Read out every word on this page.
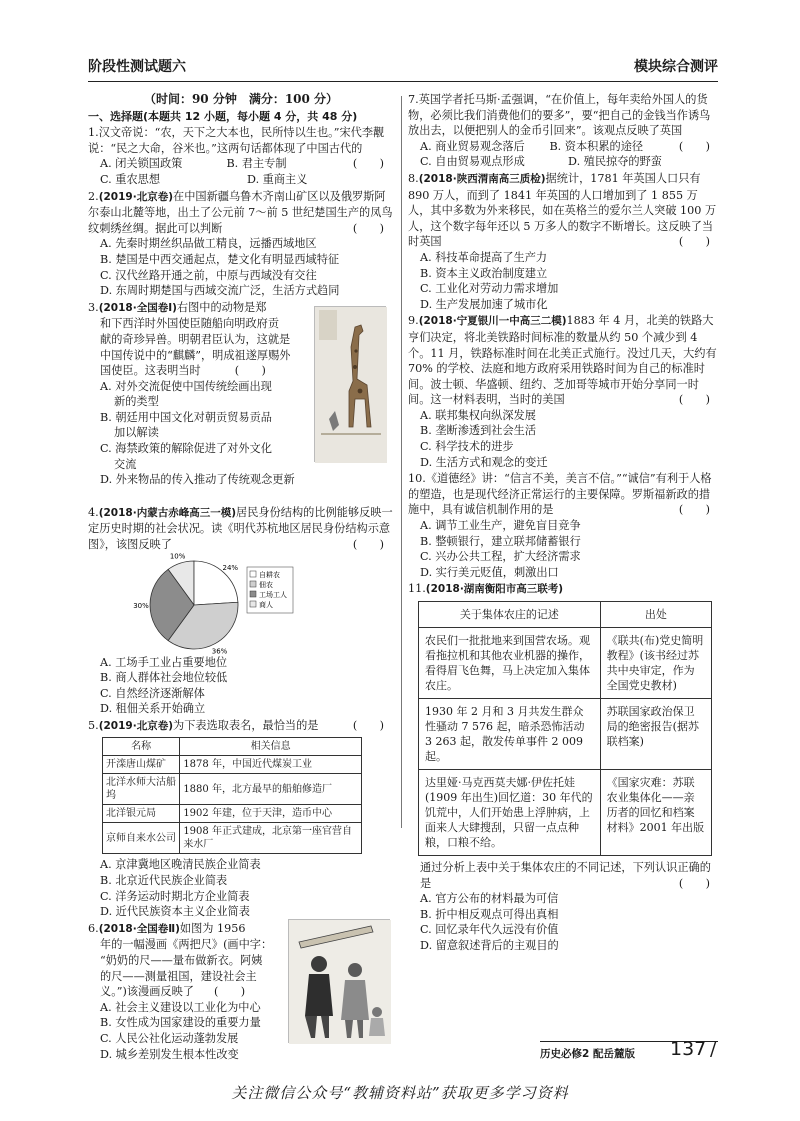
阶段性测试题六	模块综合测评
（时间：90 分钟　满分：100 分）
一、选择题(本题共 12 小题，每小题 4 分，共 48 分)
1.汉文帝说：“农，天下之大本也，民所恃以生也。”宋代李觏说：“民之大命，谷米也。”这两句话都体现了中国古代的
(　　)
A. 闭关锁国政策	B. 君主专制
C. 重农思想	D. 重商主义
2.(2019·北京卷)在中国新疆乌鲁木齐南山矿区以及俄罗斯阿尔泰山北麓等地，出土了公元前 7～前 5 世纪楚国生产的凤鸟纹刺绣丝绸。据此可以判断	(　　)
A. 先秦时期丝织品做工精良，远播西域地区
B. 楚国是中西交通起点，楚文化有明显西域特征
C. 汉代丝路开通之前，中原与西域没有交往
D. 东周时期楚国与西域交流广泛，生活方式趋同
3.(2018·全国卷Ⅰ)右图中的动物是郑
和下西洋时外国使臣随船向明政府贡
献的奇珍异兽。明朝君臣认为，这就是
中国传说中的“麒麟”，明成祖遂厚赐外
国使臣。这表明当时	(　　)
A. 对外交流促使中国传统绘画出现
新的类型
B. 朝廷用中国文化对朝贡贸易贡品
加以解读
C. 海禁政策的解除促进了对外文化
交流
D. 外来物品的传入推动了传统观念更新
4.(2018·内蒙古赤峰高三一模)居民身份结构的比例能够反映一定历史时期的社会状况。读《明代苏杭地区居民身份结构示意图》，该图反映了	(　　)
10%
24%
36%
30%
自耕农
佃农
工场工人
商人
A. 工场手工业占重要地位
B. 商人群体社会地位较低
C. 自然经济逐渐解体
D. 租佃关系开始确立
5.(2019·北京卷)为下表选取表名，最恰当的是	(　　)
名称	相关信息
开滦唐山煤矿	1878 年，中国近代煤炭工业
北洋水师大沽船坞	1880 年，北方最早的船舶修造厂
北洋银元局	1902 年建，位于天津，造币中心
京师自来水公司	1908 年正式建成，北京第一座官营自来水厂
A. 京津冀地区晚清民族企业简表
B. 北京近代民族企业简表
C. 洋务运动时期北方企业简表
D. 近代民族资本主义企业简表
6.(2018·全国卷Ⅱ)如图为 1956
年的一幅漫画《两把尺》(画中字：
“奶奶的尺——量布做新衣。阿姨
的尺——测量祖国，建设社会主
义。”)该漫画反映了 (　　)
A. 社会主义建设以工业化为中心
B. 女性成为国家建设的重要力量
C. 人民公社化运动蓬勃发展
D. 城乡差别发生根本性改变
7.英国学者托马斯·孟强调，“在价值上，每年卖给外国人的货物，必须比我们消费他们的要多”，要“把自己的金钱当作诱鸟放出去，以便把别人的金币引回来”。该观点反映了英国
(　　)
A. 商业贸易观念落后	B. 资本积累的途径
C. 自由贸易观点形成	D. 殖民掠夺的野蛮
8.(2018·陕西渭南高三质检)据统计，1781 年英国人口只有 890 万人，而到了 1841 年英国的人口增加到了 1 855 万人，其中多数为外来移民，如在英格兰的爱尔兰人突破 100 万人，这个数字每年还以 5 万多人的数字不断增长。这反映了当时英国	(　　)
A. 科技革命提高了生产力
B. 资本主义政治制度建立
C. 工业化对劳动力需求增加
D. 生产发展加速了城市化
9.(2018·宁夏银川一中高三二模)1883 年 4 月，北美的铁路大亨们决定，将北美铁路时间标准的数量从约 50 个减少到 4 个。11 月，铁路标准时间在北美正式施行。没过几天，大约有 70% 的学校、法庭和地方政府采用铁路时间为自己的标准时间。波士顿、华盛顿、纽约、芝加哥等城市开始分享同一时间。这一材料表明，当时的美国	(　　)
A. 联邦集权向纵深发展
B. 垄断渗透到社会生活
C. 科学技术的进步
D. 生活方式和观念的变迁
10.《道德经》讲：“信言不美，美言不信。”“诚信”有利于人格的塑造，也是现代经济正常运行的主要保障。罗斯福新政的措施中，具有诚信机制作用的是	(　　)
A. 调节工业生产，避免盲目竞争
B. 整顿银行，建立联邦储蓄银行
C. 兴办公共工程，扩大经济需求
D. 实行美元贬值，刺激出口
11.(2018·湖南衡阳市高三联考)
关于集体农庄的记述	出处
农民们一批批地来到国营农场。观看拖拉机和其他农业机器的操作，看得眉飞色舞，马上决定加入集体农庄。	《联共(布)党史简明教程》(该书经过苏共中央审定，作为全国党史教材)
1930 年 2 月和 3 月共发生群众性骚动 7 576 起，暗杀恐怖活动 3 263 起，散发传单事件 2 009 起。	苏联国家政治保卫局的绝密报告(据苏联档案)
达里娅·马克西莫夫娜·伊佐托娃(1909 年出生)回忆道：30 年代的饥荒中，人们开始患上浮肿病，上面来人大肆搜刮，只留一点点种粮，口粮不给。	《国家灾难：苏联农业集体化——亲历者的回忆和档案材料》2001 年出版
通过分析上表中关于集体农庄的不同记述，下列认识正确的是	(　　)
A. 官方公布的材料最为可信
B. 折中相反观点可得出真相
C. 回忆录年代久远没有价值
D. 留意叙述背后的主观目的
历史必修2 配岳麓版 137 /
关注微信公众号“教辅资料站”获取更多学习资料
